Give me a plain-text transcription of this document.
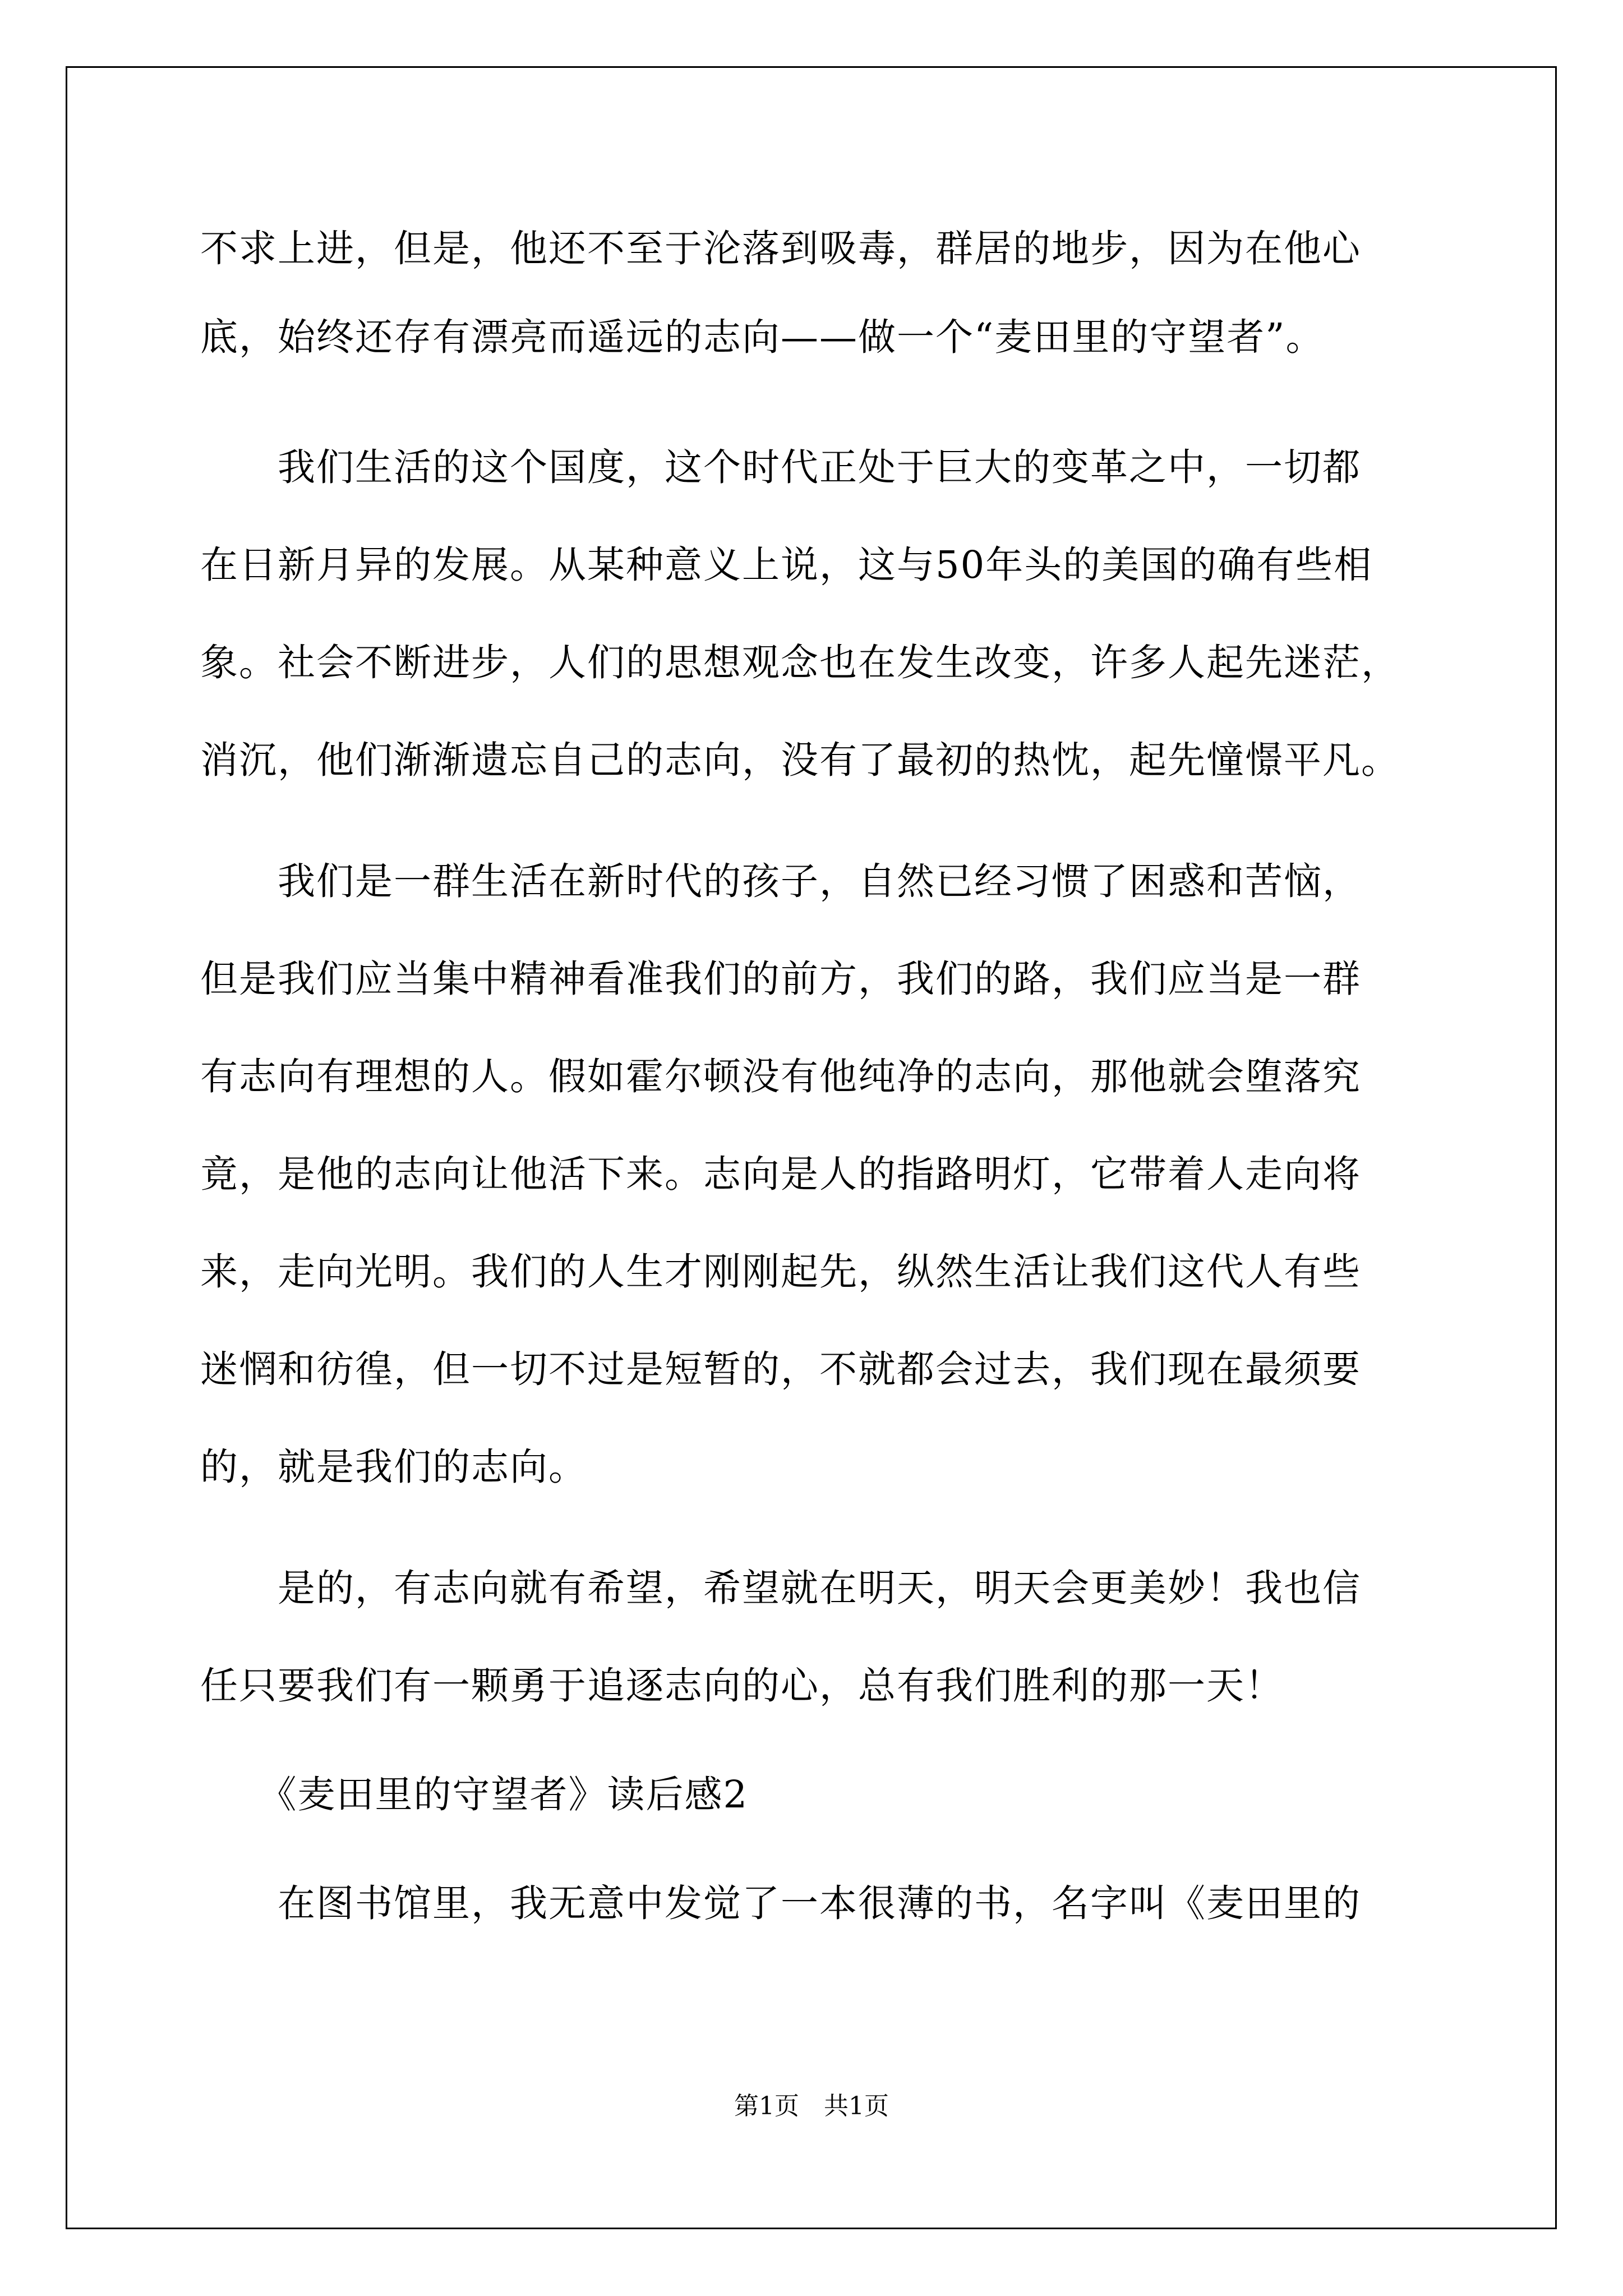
不求上进，但是，他还不至于沦落到吸毒，群居的地步，因为在他心
底，始终还存有漂亮而遥远的志向——做一个“麦田里的守望者”。
　　我们生活的这个国度，这个时代正处于巨大的变革之中，一切都
在日新月异的发展。从某种意义上说，这与50年头的美国的确有些相
象。社会不断进步，人们的思想观念也在发生改变，许多人起先迷茫，
消沉，他们渐渐遗忘自己的志向，没有了最初的热忱，起先憧憬平凡。
　　我们是一群生活在新时代的孩子，自然已经习惯了困惑和苦恼，
但是我们应当集中精神看准我们的前方，我们的路，我们应当是一群
有志向有理想的人。假如霍尔顿没有他纯净的志向，那他就会堕落究
竟，是他的志向让他活下来。志向是人的指路明灯，它带着人走向将
来，走向光明。我们的人生才刚刚起先，纵然生活让我们这代人有些
迷惘和彷徨，但一切不过是短暂的，不就都会过去，我们现在最须要
的，就是我们的志向。
　　是的，有志向就有希望，希望就在明天，明天会更美妙！我也信
任只要我们有一颗勇于追逐志向的心，总有我们胜利的那一天！
　　《麦田里的守望者》读后感2
　　在图书馆里，我无意中发觉了一本很薄的书，名字叫《麦田里的
第1页　共1页
